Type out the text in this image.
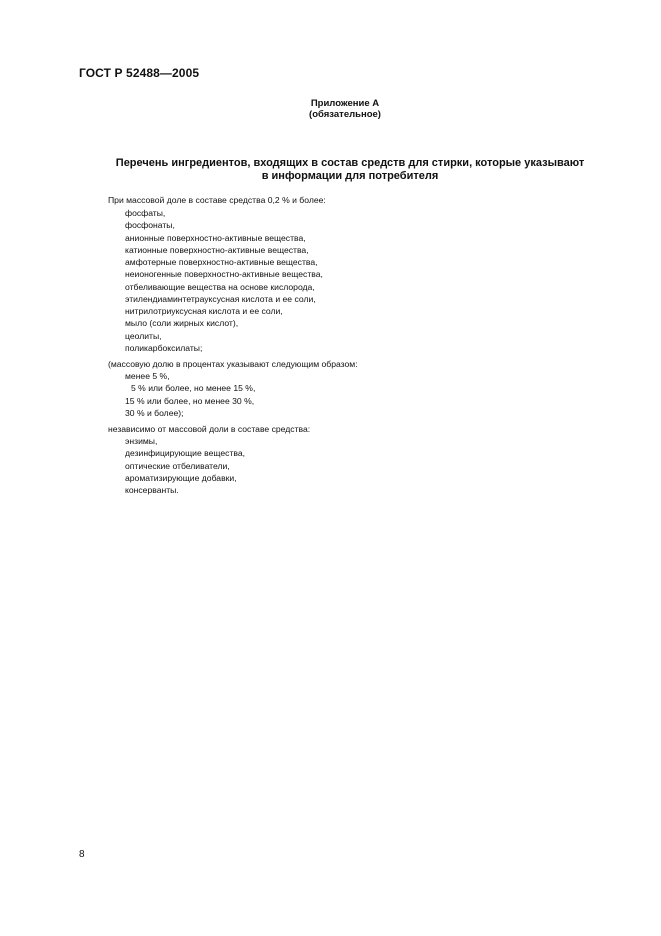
ГОСТ Р 52488—2005
Приложение А
(обязательное)
Перечень ингредиентов, входящих в состав средств для стирки, которые указывают
в информации для потребителя
При массовой доле в составе средства 0,2 % и более:
фосфаты,
фосфонаты,
анионные поверхностно-активные вещества,
катионные поверхностно-активные вещества,
амфотерные поверхностно-активные вещества,
неионогенные поверхностно-активные вещества,
отбеливающие вещества на основе кислорода,
этилендиаминтетрауксусная кислота и ее соли,
нитрилотриуксусная кислота и ее соли,
мыло (соли жирных кислот),
цеолиты,
поликарбоксилаты;
(массовую долю в процентах указывают следующим образом:
менее 5 %,
5 % или более, но менее 15 %,
15 % или более, но менее 30 %,
30 % и более);
независимо от массовой доли в составе средства:
энзимы,
дезинфицирующие вещества,
оптические отбеливатели,
ароматизирующие добавки,
консерванты.
8
